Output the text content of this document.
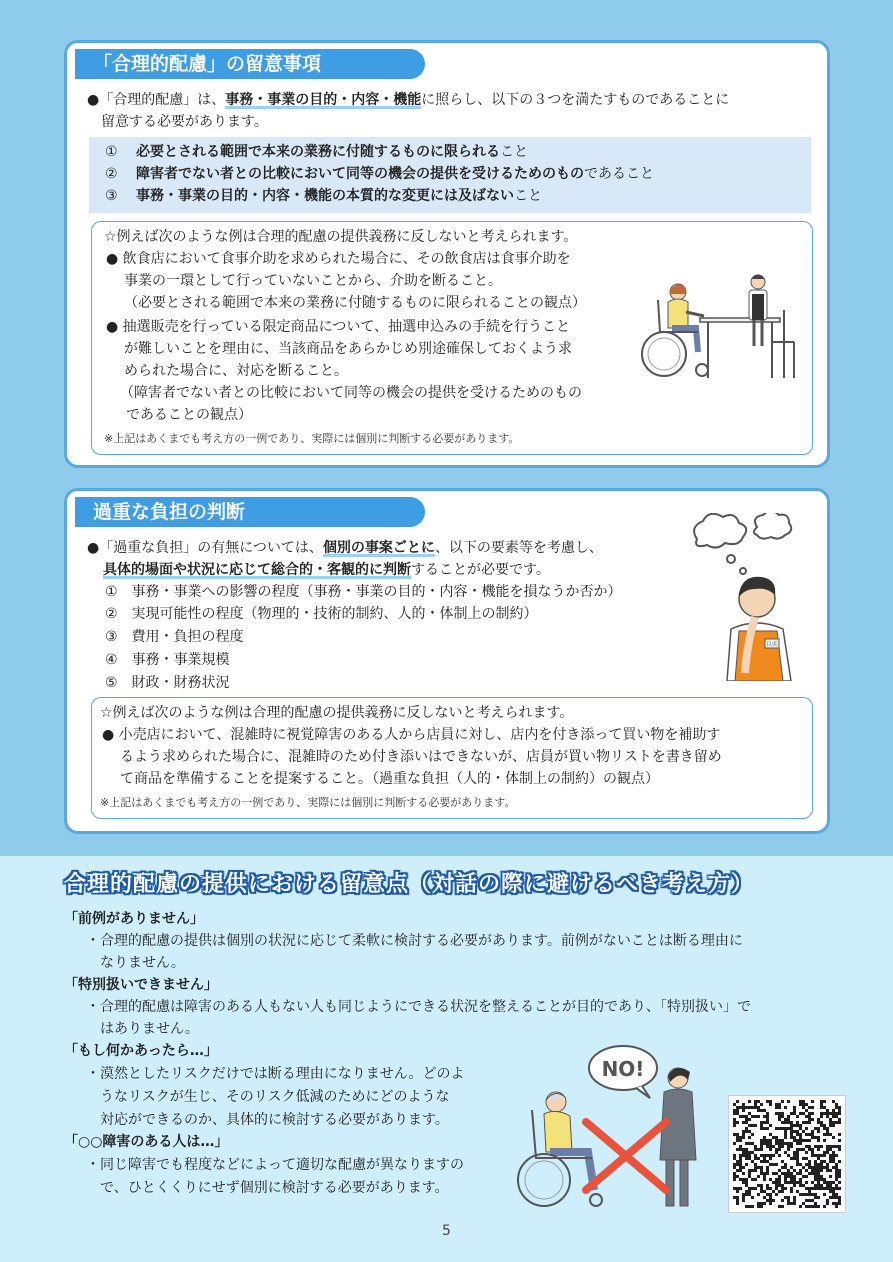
「合理的配慮」の留意事項
●「合理的配慮」は、事務・事業の目的・内容・機能に照らし、以下の３つを満たすものであることに
留意する必要があります。
①　 必要とされる範囲で本来の業務に付随するものに限られること
②　 障害者でない者との比較において同等の機会の提供を受けるためのものであること
③　 事務・事業の目的・内容・機能の本質的な変更には及ばないこと
☆例えば次のような例は合理的配慮の提供義務に反しないと考えられます。
● 飲食店において食事介助を求められた場合に、その飲食店は食事介助を
事業の一環として行っていないことから、介助を断ること。
（必要とされる範囲で本来の業務に付随するものに限られることの観点）
● 抽選販売を行っている限定商品について、抽選申込みの手続を行うこと
が難しいことを理由に、当該商品をあらかじめ別途確保しておくよう求
められた場合に、対応を断ること。
（障害者でない者との比較において同等の機会の提供を受けるためのもの
であることの観点）
※上記はあくまでも考え方の一例であり、実際には個別に判断する必要があります。
過重な負担の判断
●「過重な負担」の有無については、個別の事案ごとに、以下の要素等を考慮し、
具体的場面や状況に応じて総合的・客観的に判断することが必要です。
①　事務・事業への影響の程度（事務・事業の目的・内容・機能を損なうか否か）
②　実現可能性の程度（物理的・技術的制約、人的・体制上の制約）
③　費用・負担の程度
④　事務・事業規模
⑤　財政・財務状況
以前
☆例えば次のような例は合理的配慮の提供義務に反しないと考えられます。
● 小売店において、混雑時に視覚障害のある人から店員に対し、店内を付き添って買い物を補助す
るよう求められた場合に、混雑時のため付き添いはできないが、店員が買い物リストを書き留め
て商品を準備することを提案すること。（過重な負担（人的・体制上の制約）の観点）
※上記はあくまでも考え方の一例であり、実際には個別に判断する必要があります。
合理的配慮の提供における留意点（対話の際に避けるべき考え方）
「前例がありません」
・合理的配慮の提供は個別の状況に応じて柔軟に検討する必要があります。前例がないことは断る理由に
なりません。
「特別扱いできません」
・合理的配慮は障害のある人もない人も同じようにできる状況を整えることが目的であり、「特別扱い」で
はありません。
「もし何かあったら…」
・漠然としたリスクだけでは断る理由になりません。どのよ
うなリスクが生じ、そのリスク低減のためにどのような
対応ができるのか、具体的に検討する必要があります。
「○○障害のある人は…」
・同じ障害でも程度などによって適切な配慮が異なりますの
で、ひとくくりにせず個別に検討する必要があります。
NO!
5
